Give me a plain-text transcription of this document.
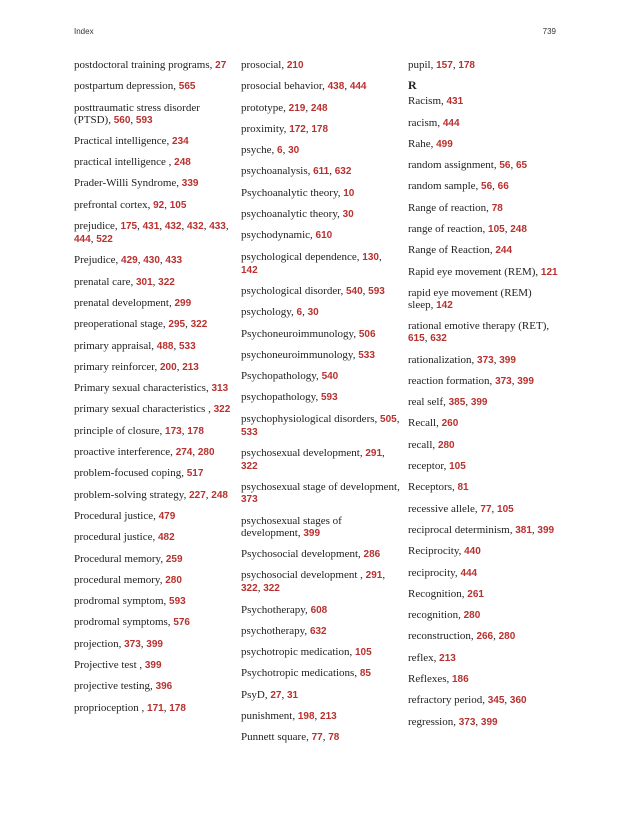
Index	739
postdoctoral training programs, 27
postpartum depression, 565
posttraumatic stress disorder (PTSD), 560, 593
Practical intelligence, 234
practical intelligence , 248
Prader-Willi Syndrome, 339
prefrontal cortex, 92, 105
prejudice, 175, 431, 432, 432, 433, 444, 522
Prejudice, 429, 430, 433
prenatal care, 301, 322
prenatal development, 299
preoperational stage, 295, 322
primary appraisal, 488, 533
primary reinforcer, 200, 213
Primary sexual characteristics, 313
primary sexual characteristics , 322
principle of closure, 173, 178
proactive interference, 274, 280
problem-focused coping, 517
problem-solving strategy, 227, 248
Procedural justice, 479
procedural justice, 482
Procedural memory, 259
procedural memory, 280
prodromal symptom, 593
prodromal symptoms, 576
projection, 373, 399
Projective test , 399
projective testing, 396
proprioception , 171, 178
prosocial, 210
prosocial behavior, 438, 444
prototype, 219, 248
proximity, 172, 178
psyche, 6, 30
psychoanalysis, 611, 632
Psychoanalytic theory, 10
psychoanalytic theory, 30
psychodynamic, 610
psychological dependence, 130, 142
psychological disorder, 540, 593
psychology, 6, 30
Psychoneuroimmunology, 506
psychoneuroimmunology, 533
Psychopathology, 540
psychopathology, 593
psychophysiological disorders, 505, 533
psychosexual development, 291, 322
psychosexual stage of development, 373
psychosexual stages of development, 399
Psychosocial development, 286
psychosocial development , 291, 322, 322
Psychotherapy, 608
psychotherapy, 632
psychotropic medication, 105
Psychotropic medications, 85
PsyD, 27, 31
punishment, 198, 213
Punnett square, 77, 78
pupil, 157, 178
R
Racism, 431
racism, 444
Rahe, 499
random assignment, 56, 65
random sample, 56, 66
Range of reaction, 78
range of reaction, 105, 248
Range of Reaction, 244
Rapid eye movement (REM), 121
rapid eye movement (REM) sleep, 142
rational emotive therapy (RET), 615, 632
rationalization, 373, 399
reaction formation, 373, 399
real self, 385, 399
Recall, 260
recall, 280
receptor, 105
Receptors, 81
recessive allele, 77, 105
reciprocal determinism, 381, 399
Reciprocity, 440
reciprocity, 444
Recognition, 261
recognition, 280
reconstruction, 266, 280
reflex, 213
Reflexes, 186
refractory period, 345, 360
regression, 373, 399
